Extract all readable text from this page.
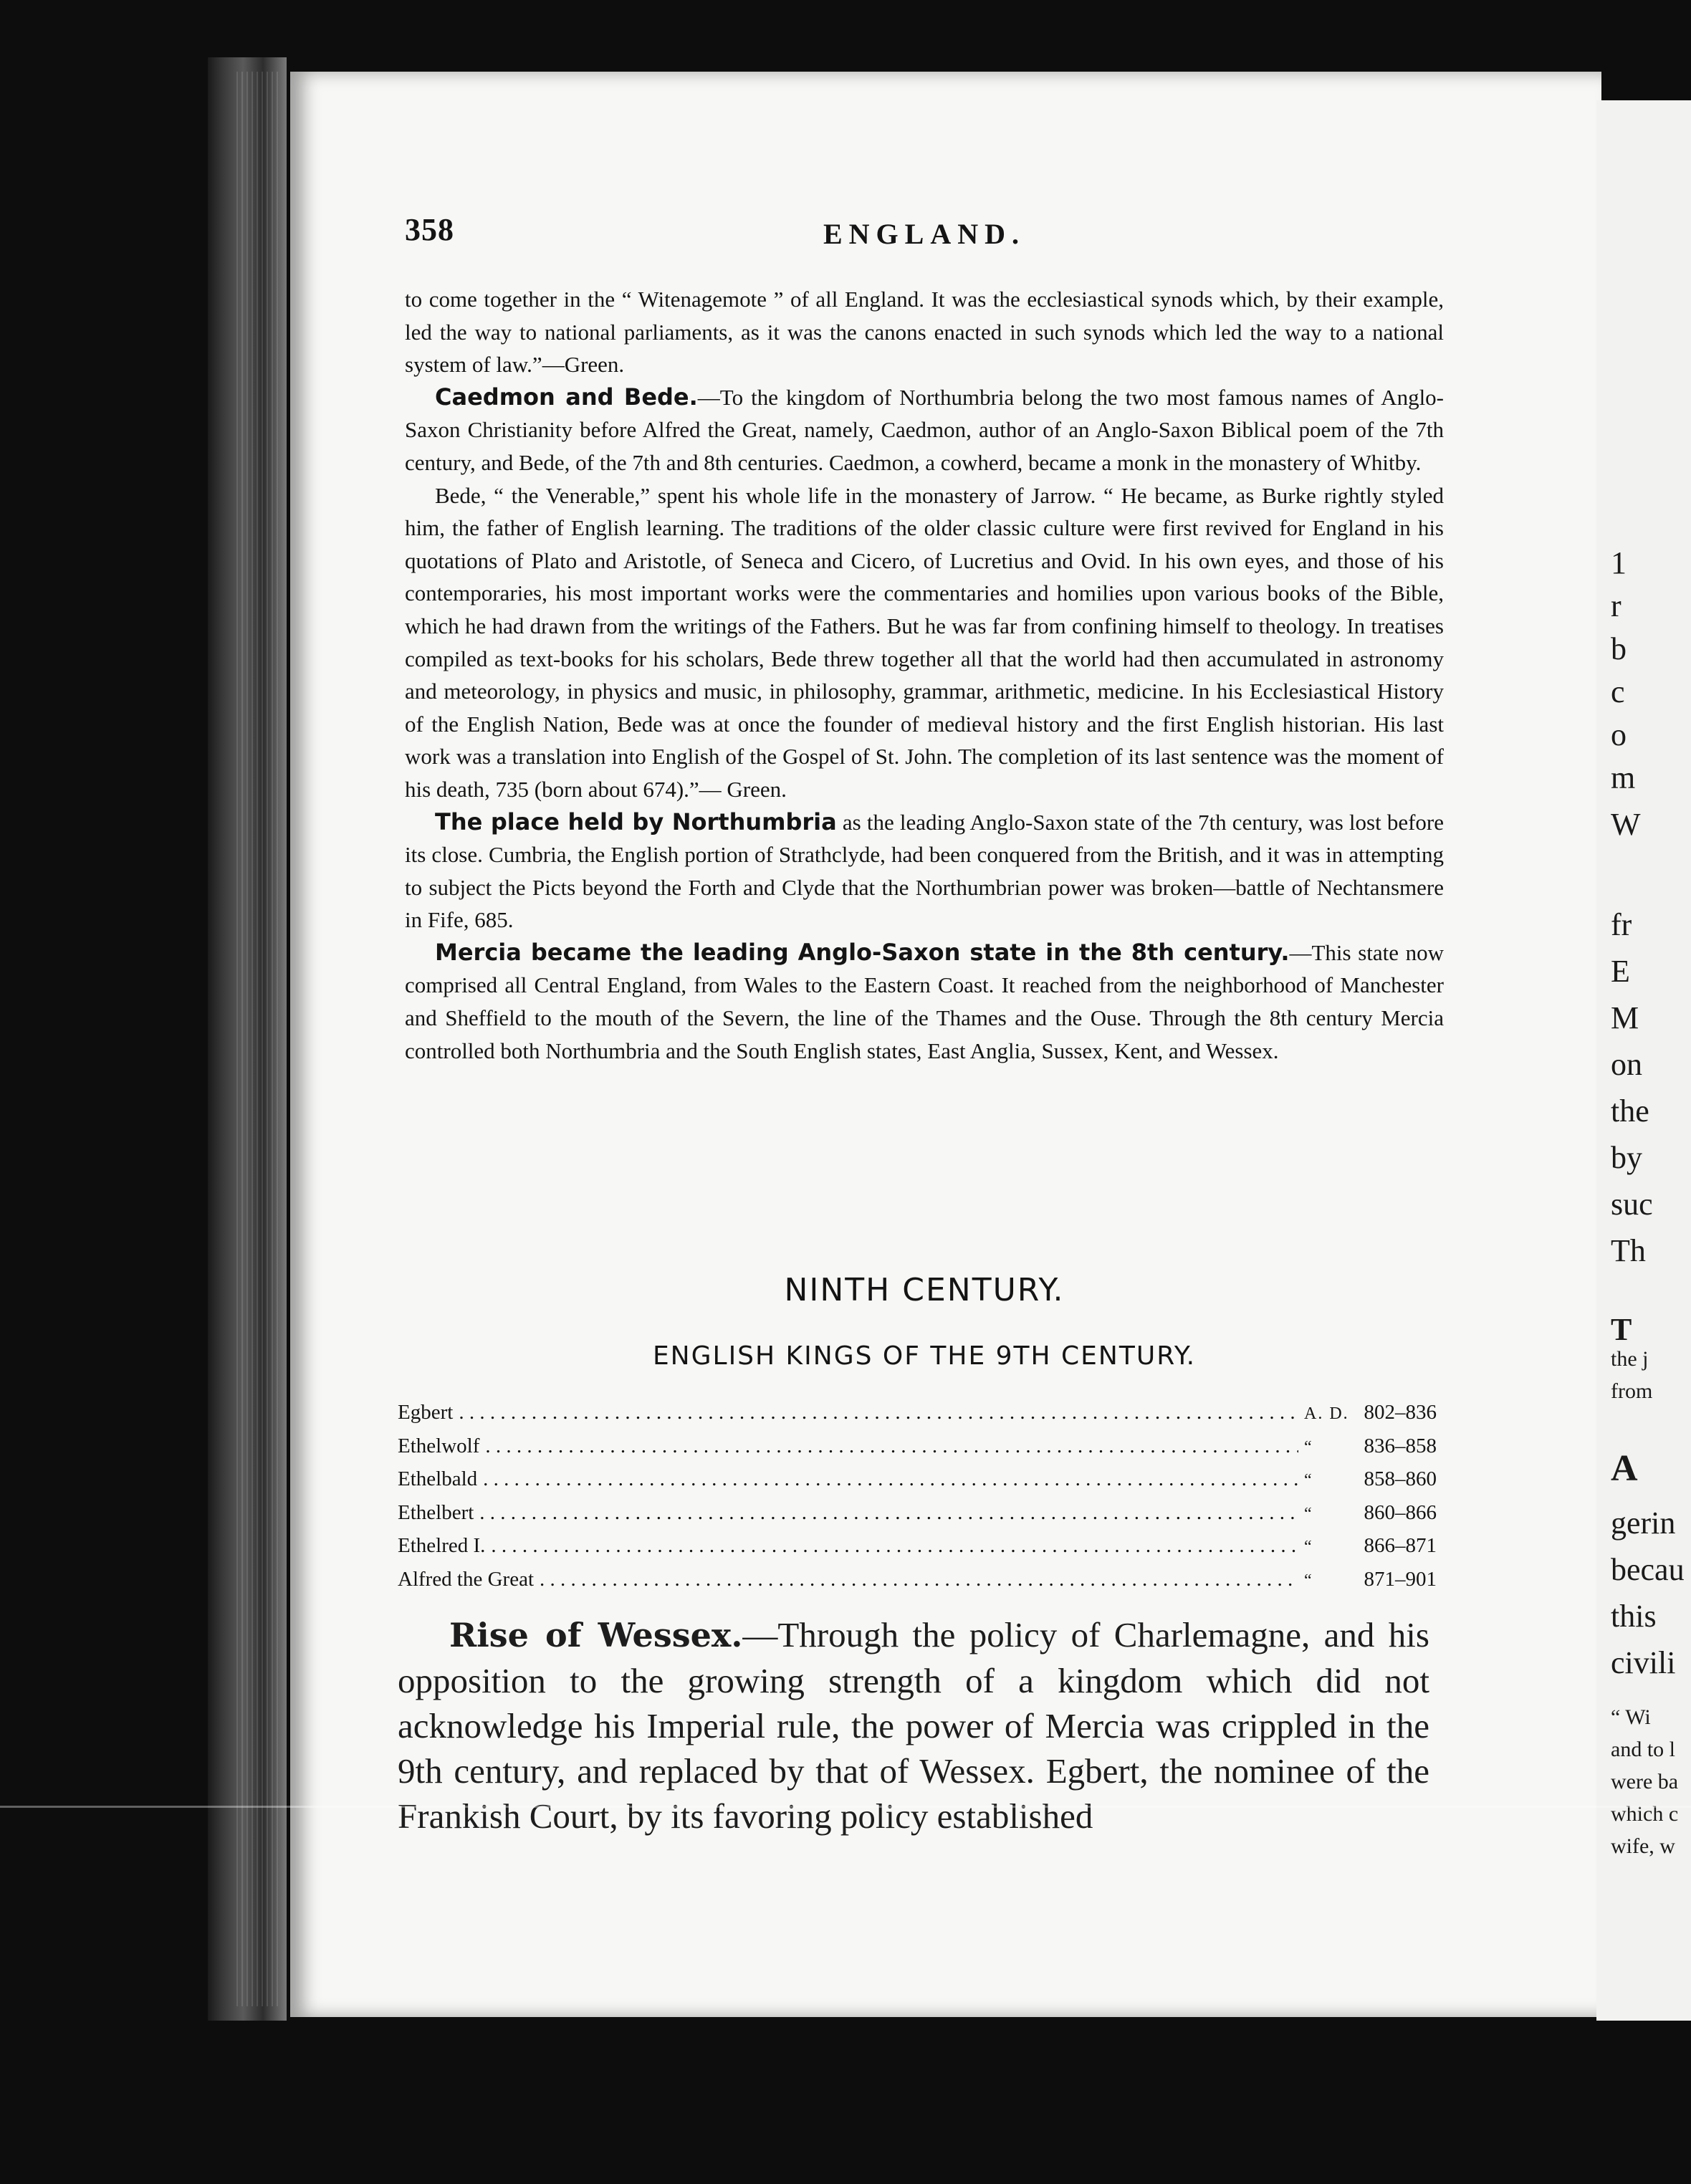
1
r
b
c
o
m
W
fr
E
M
on
the
by
suc
Th
T
the j
from
A
gerin
becau
this
civili
“ Wi
and to l
were ba
which c
wife, w
358	ENGLAND.

to come together in the “ Witenagemote ” of all England. It was the ecclesiastical synods which, by their example, led the way to national parliaments, as it was the canons enacted in such synods which led the way to a national system of law.”—Green.

Caedmon and Bede.—To the kingdom of Northumbria belong the two most famous names of Anglo-Saxon Christianity before Alfred the Great, namely, Caedmon, author of an Anglo-Saxon Biblical poem of the 7th century, and Bede, of the 7th and 8th centuries. Caedmon, a cowherd, became a monk in the monastery of Whitby.

Bede, “ the Venerable,” spent his whole life in the monastery of Jarrow. “ He became, as Burke rightly styled him, the father of English learning. The traditions of the older classic culture were first revived for England in his quotations of Plato and Aristotle, of Seneca and Cicero, of Lucretius and Ovid. In his own eyes, and those of his contemporaries, his most important works were the commentaries and homilies upon various books of the Bible, which he had drawn from the writings of the Fathers. But he was far from confining himself to theology. In treatises compiled as text-books for his scholars, Bede threw together all that the world had then accumulated in astronomy and meteorology, in physics and music, in philosophy, grammar, arithmetic, medicine. In his Ecclesiastical History of the English Nation, Bede was at once the founder of medieval history and the first English historian. His last work was a translation into English of the Gospel of St. John. The completion of its last sentence was the moment of his death, 735 (born about 674).”— Green.

The place held by Northumbria as the leading Anglo-Saxon state of the 7th century, was lost before its close. Cumbria, the English portion of Strathclyde, had been conquered from the British, and it was in attempting to subject the Picts beyond the Forth and Clyde that the Northumbrian power was broken—battle of Nechtansmere in Fife, 685.

Mercia became the leading Anglo-Saxon state in the 8th century.—This state now comprised all Central England, from Wales to the Eastern Coast. It reached from the neighborhood of Manchester and Sheffield to the mouth of the Severn, the line of the Thames and the Ouse. Through the 8th century Mercia controlled both Northumbria and the South English states, East Anglia, Sussex, Kent, and Wessex.

NINTH CENTURY.
ENGLISH KINGS OF THE 9TH CENTURY.
Egbert . . .	A. D. 802–836
Ethelwolf . . .	“	836–858
Ethelbald . . .	“	858–860
Ethelbert . . .	“	860–866
Ethelred I. . . .	“	866–871
Alfred the Great . . .	“	871–901

Rise of Wessex.—Through the policy of Charlemagne, and his opposition to the growing strength of a kingdom which did not acknowledge his Imperial rule, the power of Mercia was crippled in the 9th century, and replaced by that of Wessex. Egbert, the nominee of the Frankish Court, by its favoring policy established
